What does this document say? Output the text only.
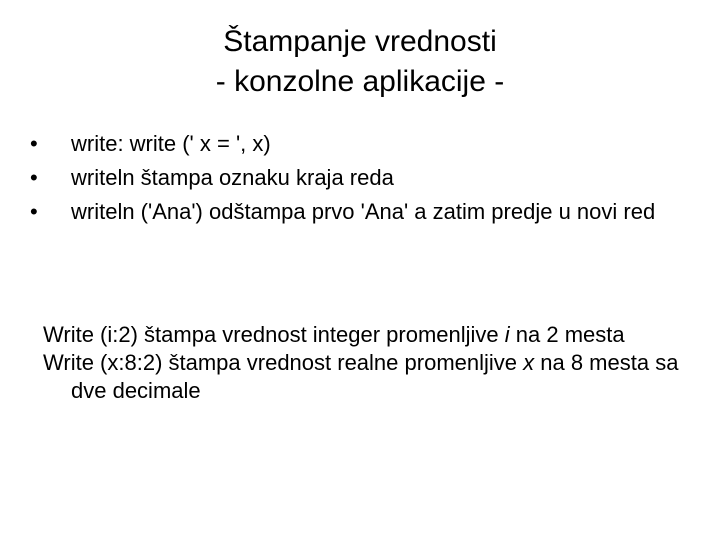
Štampanje vrednosti
- konzolne aplikacije -
•	write: write (' x = ', x)
•	writeln štampa oznaku kraja reda
•	writeln ('Ana') odštampa prvo 'Ana' a zatim predje u novi red

Write (i:2) štampa vrednost integer promenljive i na 2 mesta

Write (x:8:2) štampa vrednost realne promenljive x na 8 mesta sa dve decimale
